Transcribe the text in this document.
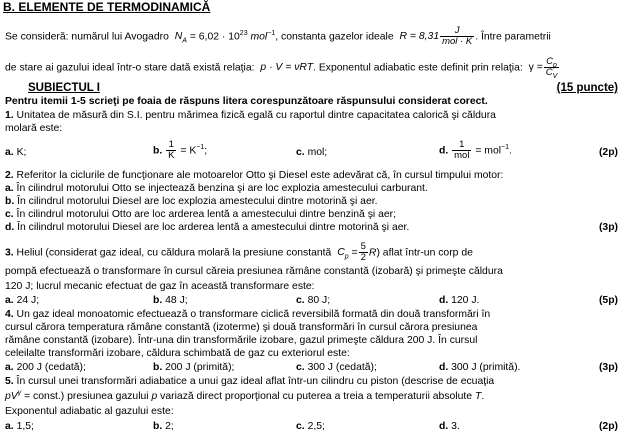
B. ELEMENTE DE TERMODINAMICĂ
Se consideră: numărul lui Avogadro $N_A = 6,02 \cdot 10^{23}$ mol$^{-1}$, constanta gazelor ideale $R = 8,31 \frac{J}{\text{mol · K}}$ . Între parametrii
de stare ai gazului ideal într-o stare dată există relaţia: p · V = νRT. Exponentul adiabatic este definit prin relaţia: $\gamma = \frac{C_p}{C_V}$
SUBIECTUL I	(15 puncte)
Pentru itemii 1-5 scrieţi pe foaia de răspuns litera corespunzătoare răspunsului considerat corect.
1. Unitatea de măsură din S.I. pentru mărimea fizică egală cu raportul dintre capacitatea calorică şi căldura
molară este:
a. K;	b. $\frac{1}{K} = K^{-1}$;	c. mol;	d. $\frac{1}{\text{mol}} = mol^{-1}$.	(2p)
2. Referitor la ciclurile de funcţionare ale motoarelor Otto şi Diesel este adevărat că, în cursul timpului motor:
a. În cilindrul motorului Otto se injectează benzina şi are loc explozia amestecului carburant.
b. În cilindrul motorului Diesel are loc explozia amestecului dintre motorină şi aer.
c. În cilindrul motorului Otto are loc arderea lentă a amestecului dintre benzină şi aer;
d. În cilindrul motorului Diesel are loc arderea lentă a amestecului dintre motorină şi aer.	(3p)
3. Heliul (considerat gaz ideal, cu căldura molară la presiune constantă $C_p = \frac{5}{2} R$) aflat într-un corp de
pompă efectuează o transformare în cursul căreia presiunea rămâne constantă (izobară) şi primeşte căldura
120 J; lucrul mecanic efectuat de gaz în această transformare este:
a. 24 J;	b. 48 J;	c. 80 J;	d. 120 J.	(5p)
4. Un gaz ideal monoatomic efectuează o transformare ciclică reversibilă formată din două transformări în
cursul cărora temperatura rămâne constantă (izoterme) şi două transformări în cursul cărora presiunea
rămâne constantă (izobare). Într-una din transformările izobare, gazul primeşte căldura 200 J. În cursul
celeilalte transformări izobare, căldura schimbată de gaz cu exteriorul este:
a. 200 J (cedată);	b. 200 J (primită);	c. 300 J (cedată);	d. 300 J (primită).	(3p)
5. În cursul unei transformări adiabatice a unui gaz ideal aflat într-un cilindru cu piston (descrise de ecuaţia
$pV^\gamma$ = const.) presiunea gazului p variază direct proporţional cu puterea a treia a temperaturii absolute T.
Exponentul adiabatic al gazului este:
a. 1,5;	b. 2;	c. 2,5;	d. 3.	(2p)
